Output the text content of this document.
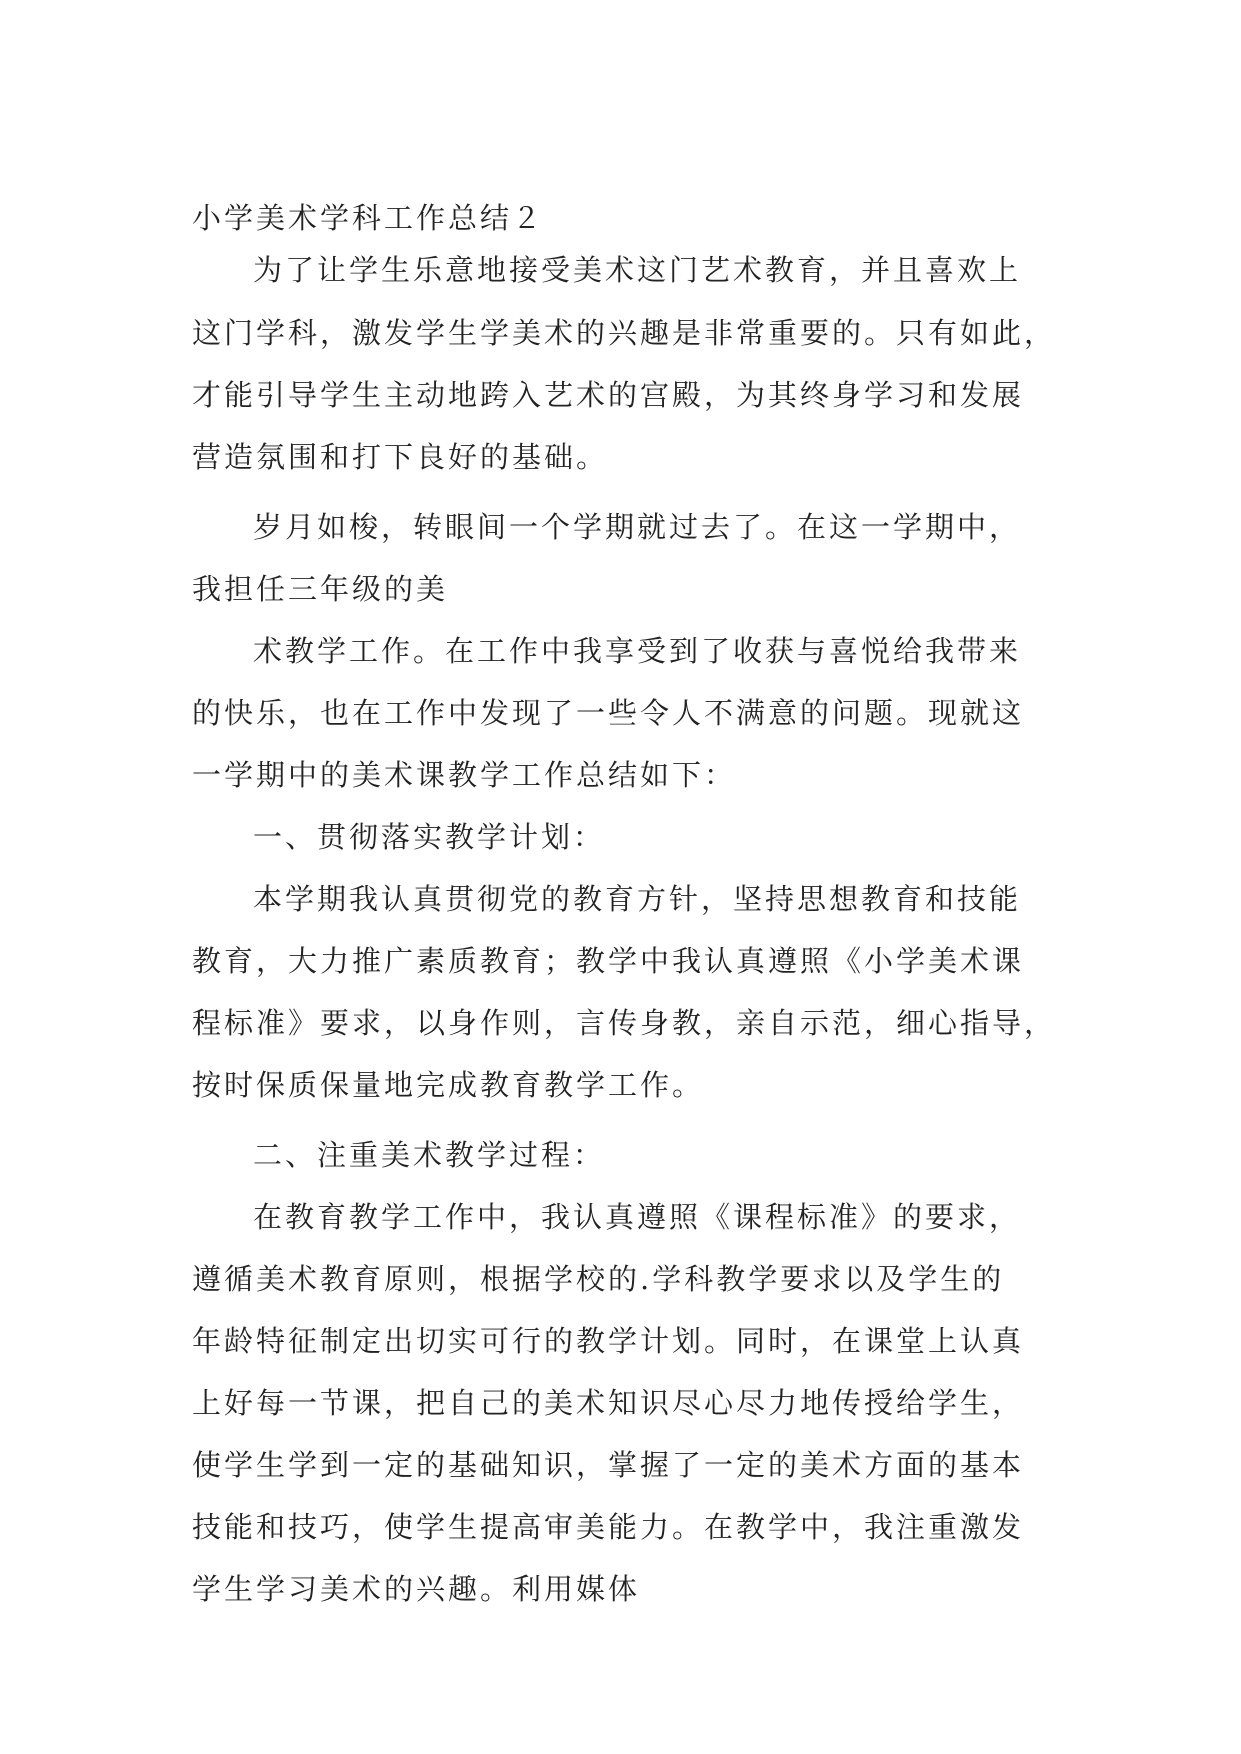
小学美术学科工作总结２
为了让学生乐意地接受美术这门艺术教育，并且喜欢上
这门学科，激发学生学美术的兴趣是非常重要的。只有如此，
才能引导学生主动地跨入艺术的宫殿，为其终身学习和发展
营造氛围和打下良好的基础。
岁月如梭，转眼间一个学期就过去了。在这一学期中，
我担任三年级的美
术教学工作。在工作中我享受到了收获与喜悦给我带来
的快乐，也在工作中发现了一些令人不满意的问题。现就这
一学期中的美术课教学工作总结如下：
一、贯彻落实教学计划：
本学期我认真贯彻党的教育方针，坚持思想教育和技能
教育，大力推广素质教育；教学中我认真遵照《小学美术课
程标准》要求，以身作则，言传身教，亲自示范，细心指导，
按时保质保量地完成教育教学工作。
二、注重美术教学过程：
在教育教学工作中，我认真遵照《课程标准》的要求，
遵循美术教育原则，根据学校的.学科教学要求以及学生的
年龄特征制定出切实可行的教学计划。同时，在课堂上认真
上好每一节课，把自己的美术知识尽心尽力地传授给学生，
使学生学到一定的基础知识，掌握了一定的美术方面的基本
技能和技巧，使学生提高审美能力。在教学中，我注重激发
学生学习美术的兴趣。利用媒体
